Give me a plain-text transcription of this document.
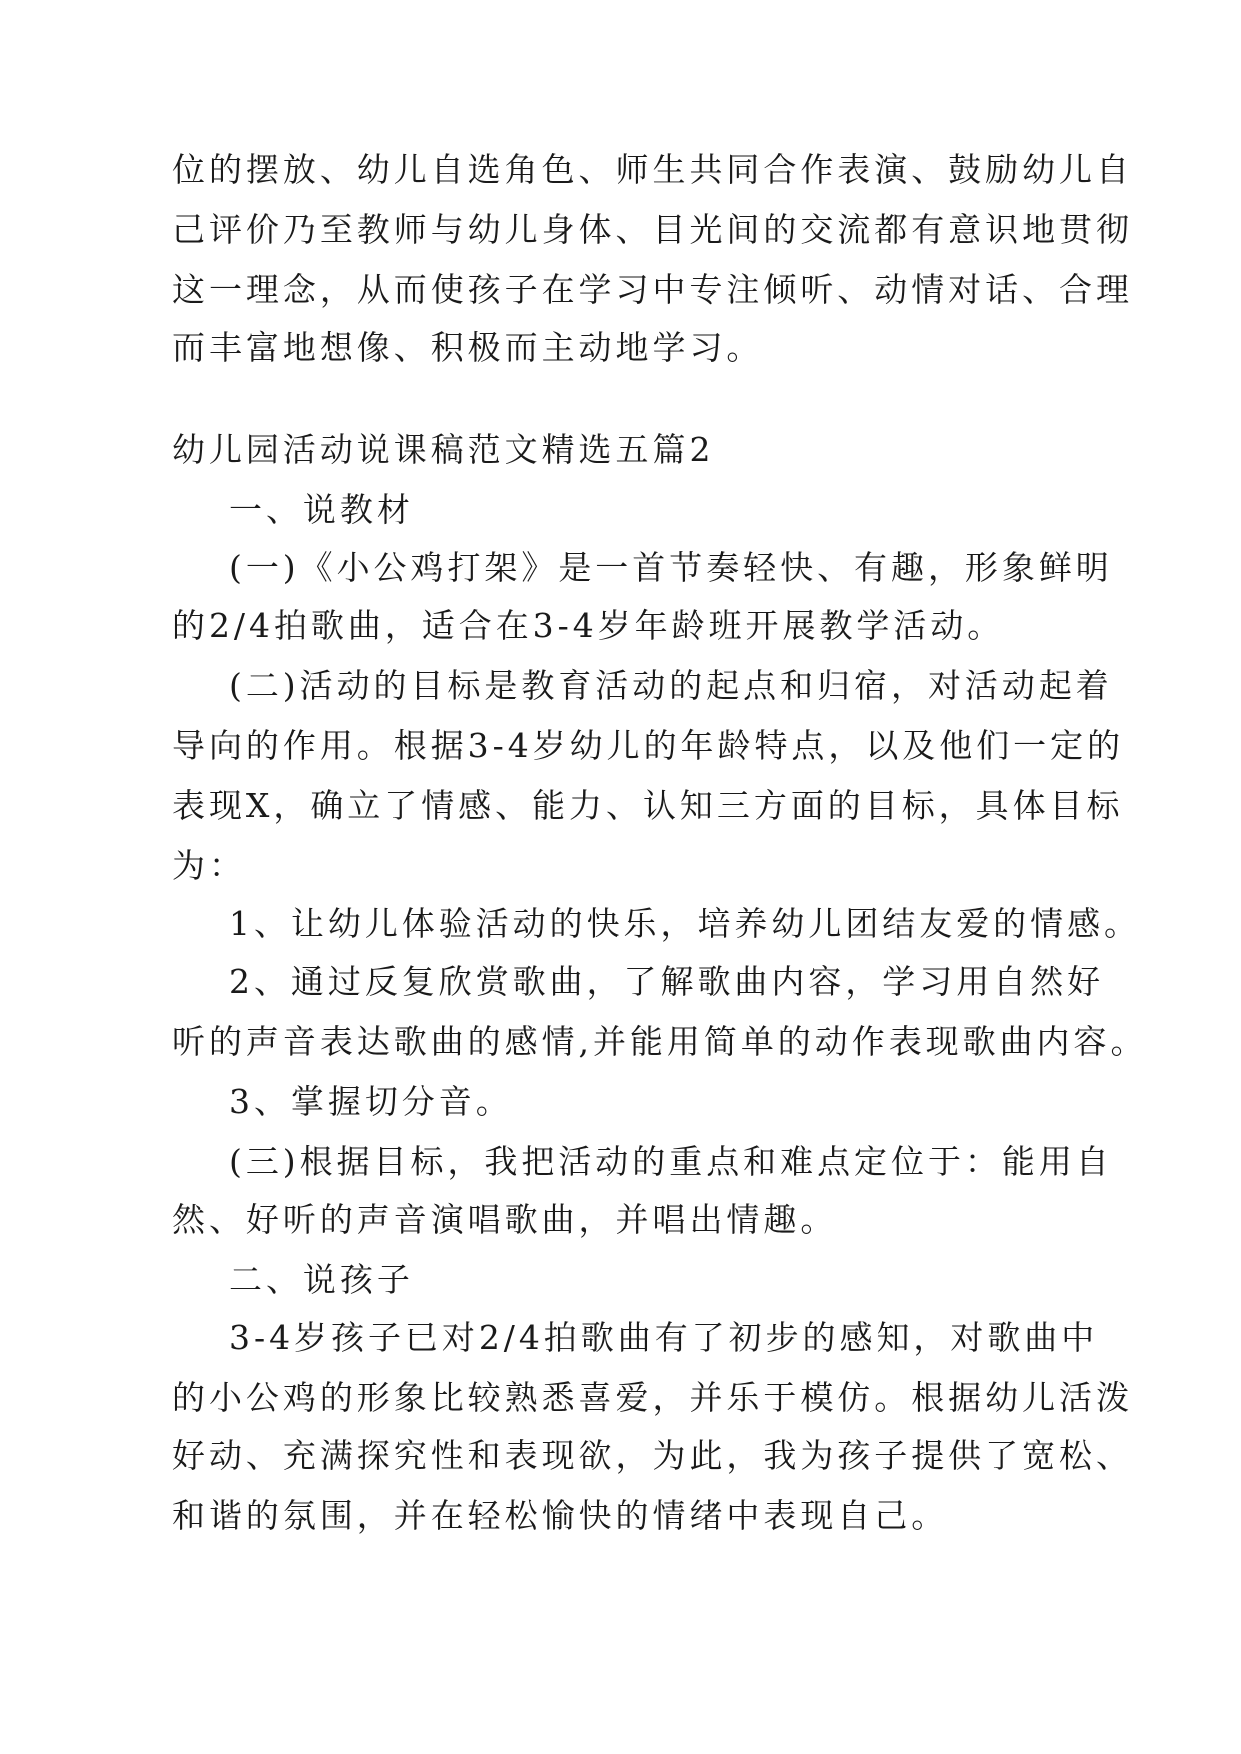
位的摆放、幼儿自选角色、师生共同合作表演、鼓励幼儿自
己评价乃至教师与幼儿身体、目光间的交流都有意识地贯彻
这一理念，从而使孩子在学习中专注倾听、动情对话、合理
而丰富地想像、积极而主动地学习。
幼儿园活动说课稿范文精选五篇2
一、说教材
(一)《小公鸡打架》是一首节奏轻快、有趣，形象鲜明
的2/4拍歌曲，适合在3-4岁年龄班开展教学活动。
(二)活动的目标是教育活动的起点和归宿，对活动起着
导向的作用。根据3-4岁幼儿的年龄特点，以及他们一定的
表现X，确立了情感、能力、认知三方面的目标，具体目标
为：
1、让幼儿体验活动的快乐，培养幼儿团结友爱的情感。
2、通过反复欣赏歌曲，了解歌曲内容，学习用自然好
听的声音表达歌曲的感情,并能用简单的动作表现歌曲内容。
3、掌握切分音。
(三)根据目标，我把活动的重点和难点定位于：能用自
然、好听的声音演唱歌曲，并唱出情趣。
二、说孩子
3-4岁孩子已对2/4拍歌曲有了初步的感知，对歌曲中
的小公鸡的形象比较熟悉喜爱，并乐于模仿。根据幼儿活泼
好动、充满探究性和表现欲，为此，我为孩子提供了宽松、
和谐的氛围，并在轻松愉快的情绪中表现自己。
